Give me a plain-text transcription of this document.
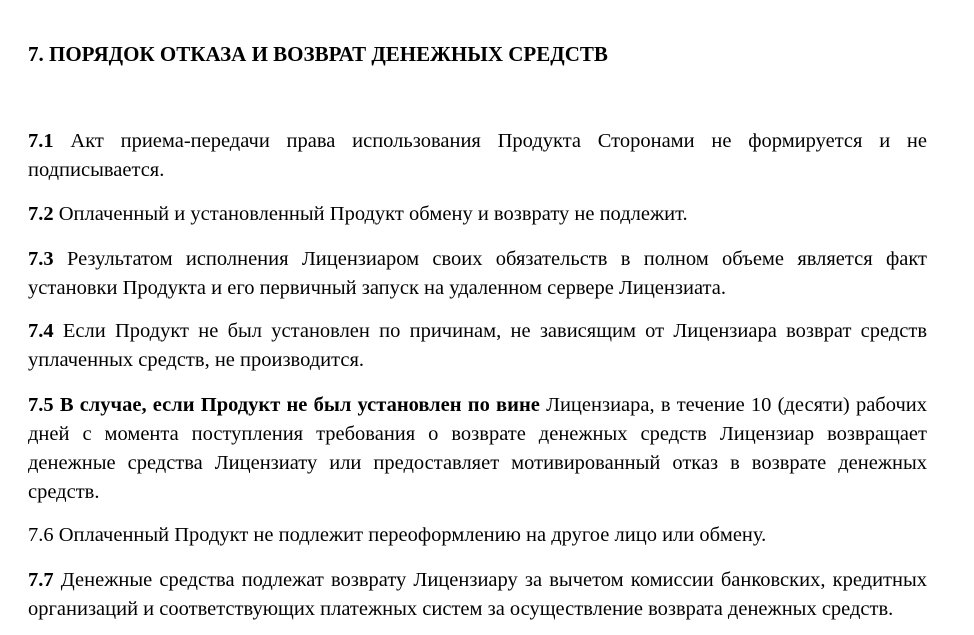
7. ПОРЯДОК ОТКАЗА И ВОЗВРАТ ДЕНЕЖНЫХ СРЕДСТВ

7.1 Акт приема-передачи права использования Продукта Сторонами не формируется и не подписывается.

7.2 Оплаченный и установленный Продукт обмену и возврату не подлежит.

7.3 Результатом исполнения Лицензиаром своих обязательств в полном объеме является факт установки Продукта и его первичный запуск на удаленном сервере Лицензиата.

7.4 Если Продукт не был установлен по причинам, не зависящим от Лицензиара возврат средств уплаченных средств, не производится.

7.5 В случае, если Продукт не был установлен по вине Лицензиара, в течение 10 (десяти) рабочих дней с момента поступления требования о возврате денежных средств Лицензиар возвращает денежные средства Лицензиату или предоставляет мотивированный отказ в возврате денежных средств.

7.6 Оплаченный Продукт не подлежит переоформлению на другое лицо или обмену.

7.7 Денежные средства подлежат возврату Лицензиару за вычетом комиссии банковских, кредитных организаций и соответствующих платежных систем за осуществление возврата денежных средств.
